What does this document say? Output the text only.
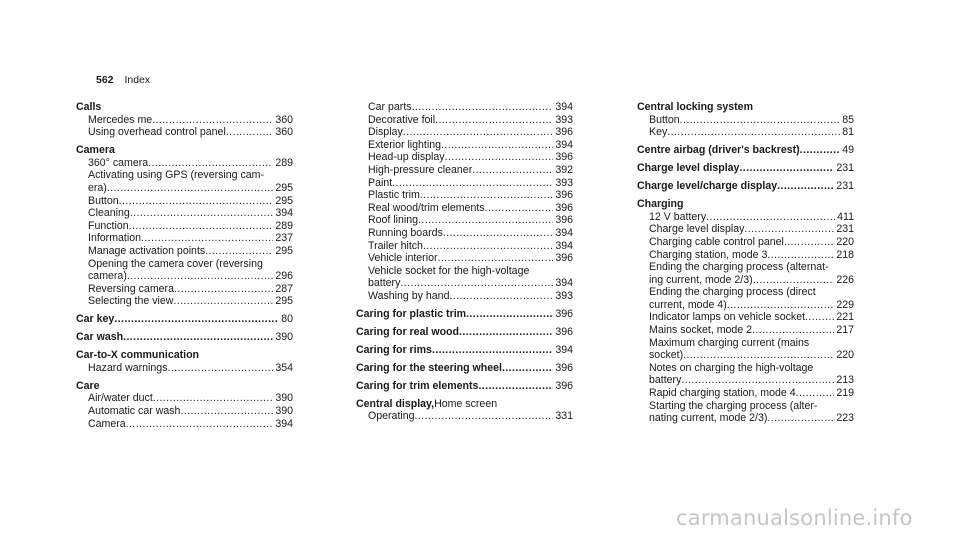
562 Index
Calls
Mercedes me .....	360
Using overhead control panel .....	360
Camera
360° camera .....	289
Activating using GPS (reversing cam-
era) .....	295
Button .....	295
Cleaning .....	394
Function .....	289
Information .....	237
Manage activation points .....	295
Opening the camera cover (reversing
camera) .....	296
Reversing camera .....	287
Selecting the view .....	295
Car key .....	80
Car wash .....	390
Car-to-X communication
Hazard warnings .....	354
Care
Air/water duct .....	390
Automatic car wash .....	390
Camera .....	394
Car parts .....	394
Decorative foil .....	393
Display .....	396
Exterior lighting .....	394
Head-up display .....	396
High-pressure cleaner .....	392
Paint .....	393
Plastic trim .....	396
Real wood/trim elements .....	396
Roof lining .....	396
Running boards .....	394
Trailer hitch .....	394
Vehicle interior .....	396
Vehicle socket for the high-voltage
battery .....	394
Washing by hand .....	393
Caring for plastic trim .....	396
Caring for real wood .....	396
Caring for rims .....	394
Caring for the steering wheel .....	396
Caring for trim elements .....	396
Central display, Home screen
Operating .....	331
Central locking system
Button .....	85
Key .....	81
Centre airbag (driver's backrest) .....	49
Charge level display .....	231
Charge level/charge display .....	231
Charging
12 V battery .....	411
Charge level display .....	231
Charging cable control panel .....	220
Charging station, mode 3 .....	218
Ending the charging process (alternat-
ing current, mode 2/3) .....	226
Ending the charging process (direct
current, mode 4) .....	229
Indicator lamps on vehicle socket .....	221
Mains socket, mode 2 .....	217
Maximum charging current (mains
socket) .....	220
Notes on charging the high-voltage
battery .....	213
Rapid charging station, mode 4 .....	219
Starting the charging process (alter-
nating current, mode 2/3) .....	223
carmanualsonline.info
